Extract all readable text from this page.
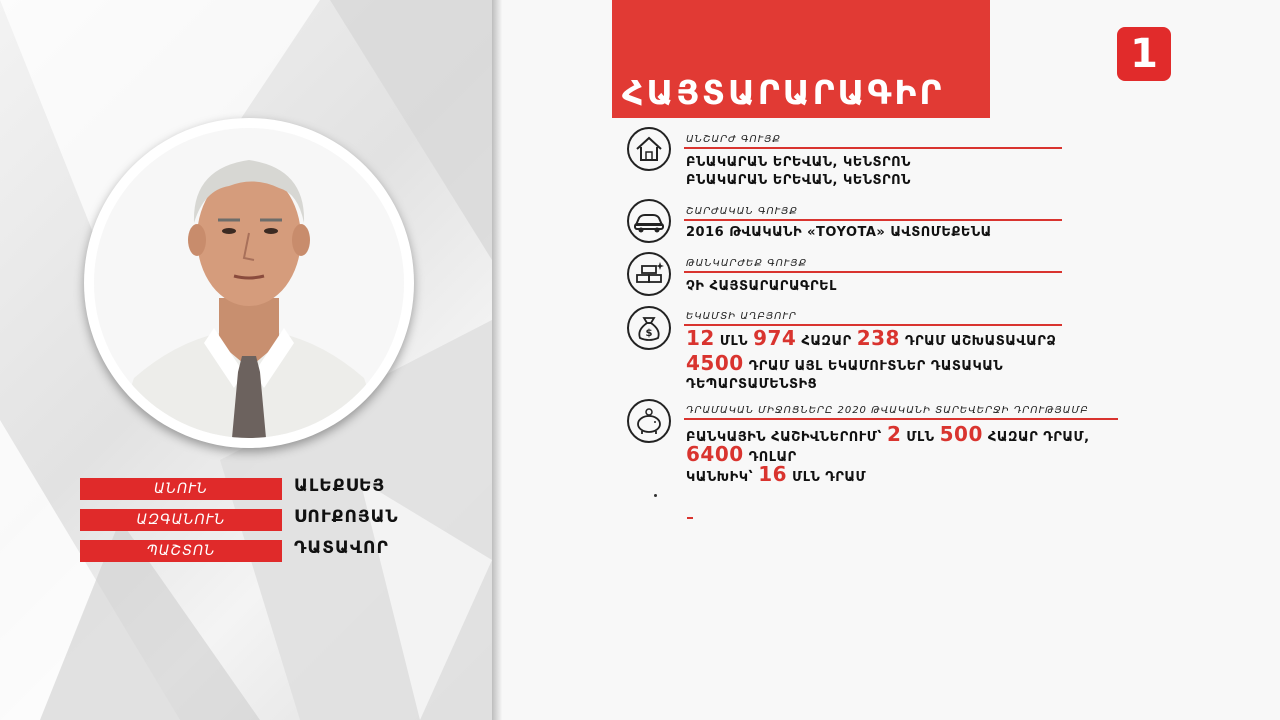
ԱՆՈՒՆ	ԱԼԵՔՍԵՅ
ԱԶԳԱՆՈՒՆ	ՍՈՒՔՈՅԱՆ
ՊԱՇՏՈՆ	ԴԱՏԱՎՈՐ
ՀԱՅՏԱՐԱՐԱԳԻՐ
1
ԱՆՇԱՐԺ ԳՈՒՅՔ
ԲՆԱԿԱՐԱՆ ԵՐԵՎԱՆ, ԿԵՆՏՐՈՆ
ԲՆԱԿԱՐԱՆ ԵՐԵՎԱՆ, ԿԵՆՏՐՈՆ
ՇԱՐԺԱԿԱՆ ԳՈՒՅՔ
2016 ԹՎԱԿԱՆԻ «TOYOTA» ԱՎՏՈՄԵՔԵՆԱ
ԹԱՆԿԱՐԺԵՔ ԳՈՒՅՔ
ՉԻ ՀԱՅՏԱՐԱՐԱԳՐԵԼ
$
ԵԿԱՄՏԻ ԱՂԲՅՈՒՐ
12 ՄԼՆ 974 ՀԱԶԱՐ 238 ԴՐԱՄ ԱՇԽԱՏԱՎԱՐՁ
4500 ԴՐԱՄ ԱՅԼ ԵԿԱՄՈՒՏՆԵՐ ԴԱՏԱԿԱՆ
ԴԵՊԱՐՏԱՄԵՆՏԻՑ
ԴՐԱՄԱԿԱՆ ՄԻՋՈՑՆԵՐԸ 2020 ԹՎԱԿԱՆԻ ՏԱՐԵՎԵՐՋԻ ԴՐՈՒԹՅԱՄԲ
ԲԱՆԿԱՅԻՆ ՀԱՇԻՎՆԵՐՈՒՄ՝ 2 ՄԼՆ 500 ՀԱԶԱՐ ԴՐԱՄ,
6400 ԴՈԼԱՐ
ԿԱՆԽԻԿ՝ 16 ՄԼՆ ԴՐԱՄ
